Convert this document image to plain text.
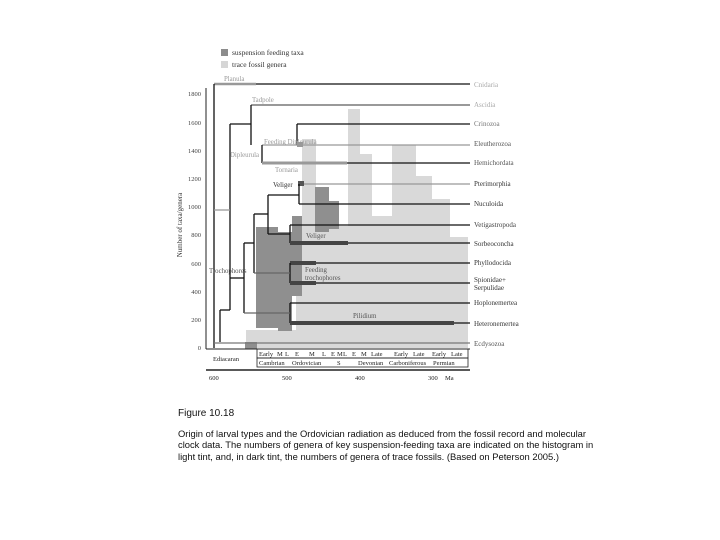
suspension feeding taxa
trace fossil genera
1800
1600
1400
1200
1000
800
600
400
200
0
Number of taxa/genera
Planula
Tadpole
Dipleurula
Feeding Dipleurula
Tornaria
Veliger
Trochophores
Veliger
Feeding
trochophores
Pilidium
Cnidaria
Ascidia
Crinozoa
Eleutherozoa
Hemichordata
Pterimorphia
Nuculoida
Vetigastropoda
Sorbeoconcha
Phyllodocida
Spionidae+
Serpulidae
Hoplonemertea
Heteronemertea
Ecdysozoa
Ediacaran
Early M L E M L E M L E M Late Early Late Early Late
Cambrian Ordovician S	Devonian Carboniferous Permian
600	500	400	300 Ma
Figure 10.18
Origin of larval types and the Ordovician radiation as deduced from the fossil record and molecular clock data. The numbers of genera of key suspension-feeding taxa are indicated on the histogram in light tint, and, in dark tint, the numbers of genera of trace fossils. (Based on Peterson 2005.)
